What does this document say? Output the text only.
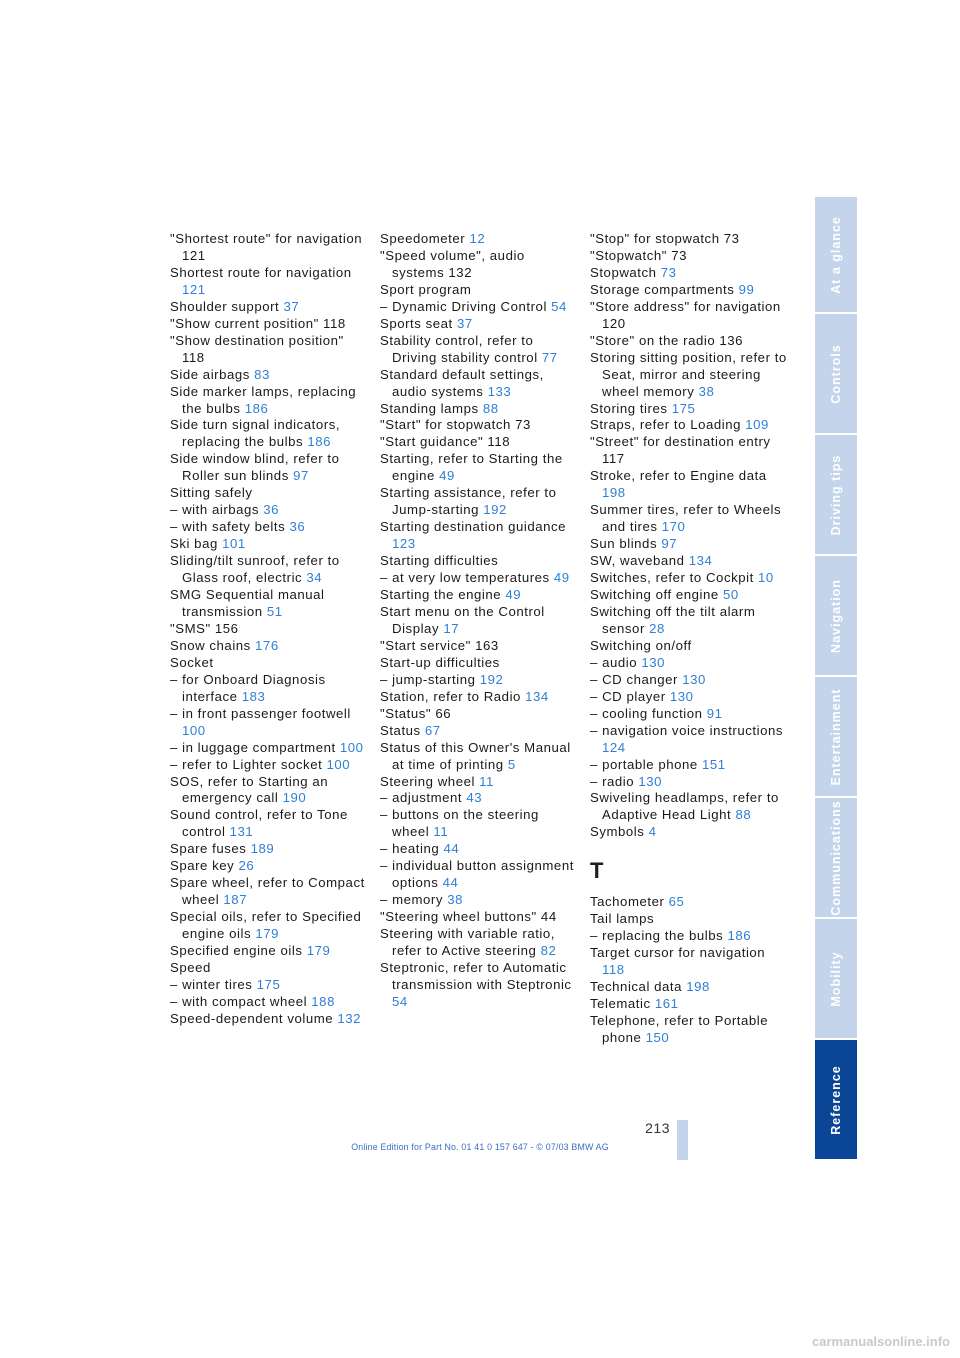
"Shortest route" for navigation 121
Shortest route for navigation 121
Shoulder support 37
"Show current position" 118
"Show destination position" 118
Side airbags 83
Side marker lamps, replacing the bulbs 186
Side turn signal indicators, replacing the bulbs 186
Side window blind, refer to Roller sun blinds 97
Sitting safely
– with airbags 36
– with safety belts 36
Ski bag 101
Sliding/tilt sunroof, refer to Glass roof, electric 34
SMG Sequential manual transmission 51
"SMS" 156
Snow chains 176
Socket
– for Onboard Diagnosis interface 183
– in front passenger footwell 100
– in luggage compartment 100
– refer to Lighter socket 100
SOS, refer to Starting an emergency call 190
Sound control, refer to Tone control 131
Spare fuses 189
Spare key 26
Spare wheel, refer to Compact wheel 187
Special oils, refer to Specified engine oils 179
Specified engine oils 179
Speed
– winter tires 175
– with compact wheel 188
Speed-dependent volume 132
Speedometer 12
"Speed volume", audio systems 132
Sport program
– Dynamic Driving Control 54
Sports seat 37
Stability control, refer to Driving stability control 77
Standard default settings, audio systems 133
Standing lamps 88
"Start" for stopwatch 73
"Start guidance" 118
Starting, refer to Starting the engine 49
Starting assistance, refer to Jump-starting 192
Starting destination guidance 123
Starting difficulties
– at very low temperatures 49
Starting the engine 49
Start menu on the Control Display 17
"Start service" 163
Start-up difficulties
– jump-starting 192
Station, refer to Radio 134
"Status" 66
Status 67
Status of this Owner's Manual at time of printing 5
Steering wheel 11
– adjustment 43
– buttons on the steering wheel 11
– heating 44
– individual button assignment options 44
– memory 38
"Steering wheel buttons" 44
Steering with variable ratio, refer to Active steering 82
Steptronic, refer to Automatic transmission with Steptronic 54
"Stop" for stopwatch 73
"Stopwatch" 73
Stopwatch 73
Storage compartments 99
"Store address" for navigation 120
"Store" on the radio 136
Storing sitting position, refer to Seat, mirror and steering wheel memory 38
Storing tires 175
Straps, refer to Loading 109
"Street" for destination entry 117
Stroke, refer to Engine data 198
Summer tires, refer to Wheels and tires 170
Sun blinds 97
SW, waveband 134
Switches, refer to Cockpit 10
Switching off engine 50
Switching off the tilt alarm sensor 28
Switching on/off
– audio 130
– CD changer 130
– CD player 130
– cooling function 91
– navigation voice instructions 124
– portable phone 151
– radio 130
Swiveling headlamps, refer to Adaptive Head Light 88
Symbols 4
T
Tachometer 65
Tail lamps
– replacing the bulbs 186
Target cursor for navigation 118
Technical data 198
Telematic 161
Telephone, refer to Portable phone 150
At a glance
Controls
Driving tips
Navigation
Entertainment
Communications
Mobility
Reference
213
Online Edition for Part No. 01 41 0 157 647 - © 07/03 BMW AG
carmanualsonline.info
